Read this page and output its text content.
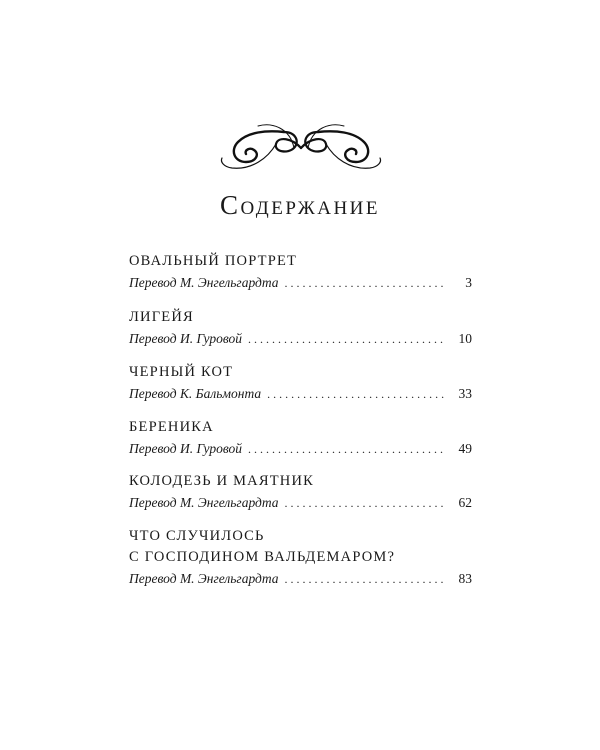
Содержание
ОВАЛЬНЫЙ ПОРТРЕТ
Перевод М. Энгельгардта . . .	3
ЛИГЕЙЯ
Перевод И. Гуровой . . .	10
ЧЕРНЫЙ КОТ
Перевод К. Бальмонта . . .	33
БЕРЕНИКА
Перевод И. Гуровой . . .	49
КОЛОДЕЗЬ И МАЯТНИК
Перевод М. Энгельгардта . . .	62
ЧТО СЛУЧИЛОСЬ
С ГОСПОДИНОМ ВАЛЬДЕМАРОМ?
Перевод М. Энгельгардта . . .	83
